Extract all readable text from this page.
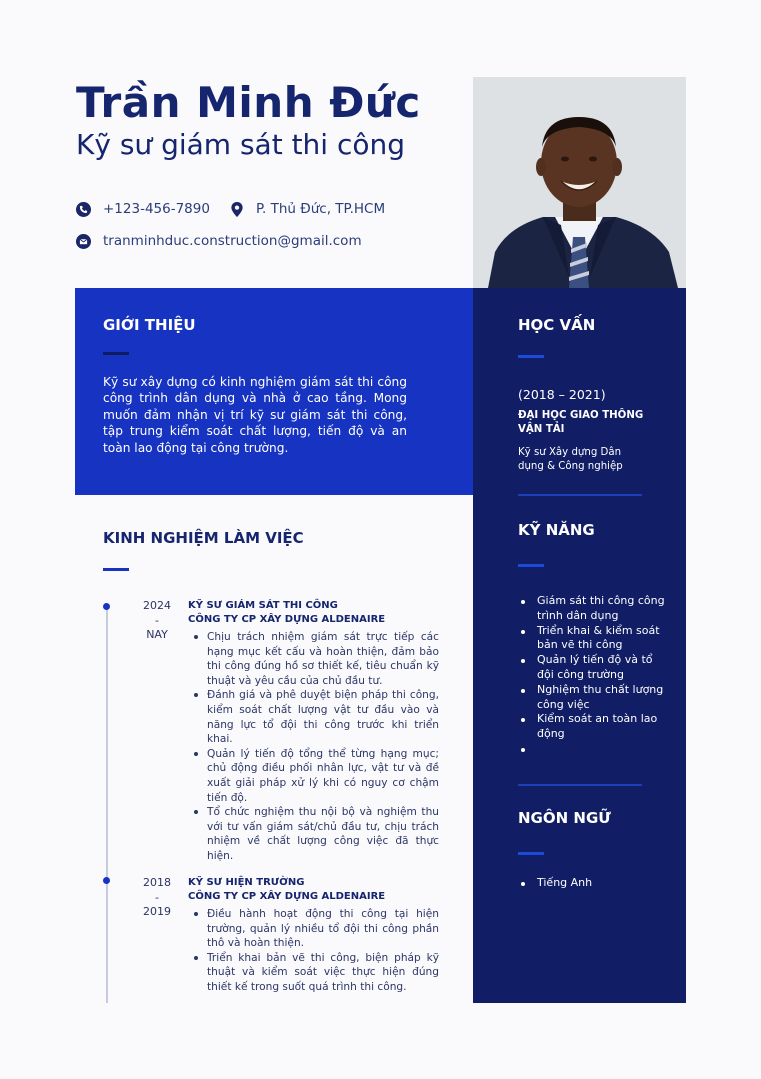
Trần Minh Đức
Kỹ sư giám sát thi công
+123-456-7890	P. Thủ Đức, TP.HCM
tranminhduc.construction@gmail.com
GIỚI THIỆU

Kỹ sư xây dựng có kinh nghiệm giám sát thi công công trình dân dụng và nhà ở cao tầng. Mong muốn đảm nhận vị trí kỹ sư giám sát thi công, tập trung kiểm soát chất lượng, tiến độ và an toàn lao động tại công trường.

HỌC VẤN
(2018 – 2021)
ĐẠI HỌC GIAO THÔNG VẬN TẢI
Kỹ sư Xây dựng Dân dụng & Công nghiệp
KỸ NĂNG
Giám sát thi công công trình dân dụng
Triển khai & kiểm soát bản vẽ thi công
Quản lý tiến độ và tổ đội công trường
Nghiệm thu chất lượng công việc
Kiểm soát an toàn lao động
NGÔN NGỮ
Tiếng Anh
KINH NGHIỆM LÀM VIỆC
2024
-
NAY
KỸ SƯ GIÁM SÁT THI CÔNG
CÔNG TY CP XÂY DỰNG ALDENAIRE
Chịu trách nhiệm giám sát trực tiếp các hạng mục kết cấu và hoàn thiện, đảm bảo thi công đúng hồ sơ thiết kế, tiêu chuẩn kỹ thuật và yêu cầu của chủ đầu tư.
Đánh giá và phê duyệt biện pháp thi công, kiểm soát chất lượng vật tư đầu vào và năng lực tổ đội thi công trước khi triển khai.
Quản lý tiến độ tổng thể từng hạng mục; chủ động điều phối nhân lực, vật tư và đề xuất giải pháp xử lý khi có nguy cơ chậm tiến độ.
Tổ chức nghiệm thu nội bộ và nghiệm thu với tư vấn giám sát/chủ đầu tư, chịu trách nhiệm về chất lượng công việc đã thực hiện.
2018
-
2019
KỸ SƯ HIỆN TRƯỜNG
CÔNG TY CP XÂY DỰNG ALDENAIRE
Điều hành hoạt động thi công tại hiện trường, quản lý nhiều tổ đội thi công phần thô và hoàn thiện.
Triển khai bản vẽ thi công, biện pháp kỹ thuật và kiểm soát việc thực hiện đúng thiết kế trong suốt quá trình thi công.
